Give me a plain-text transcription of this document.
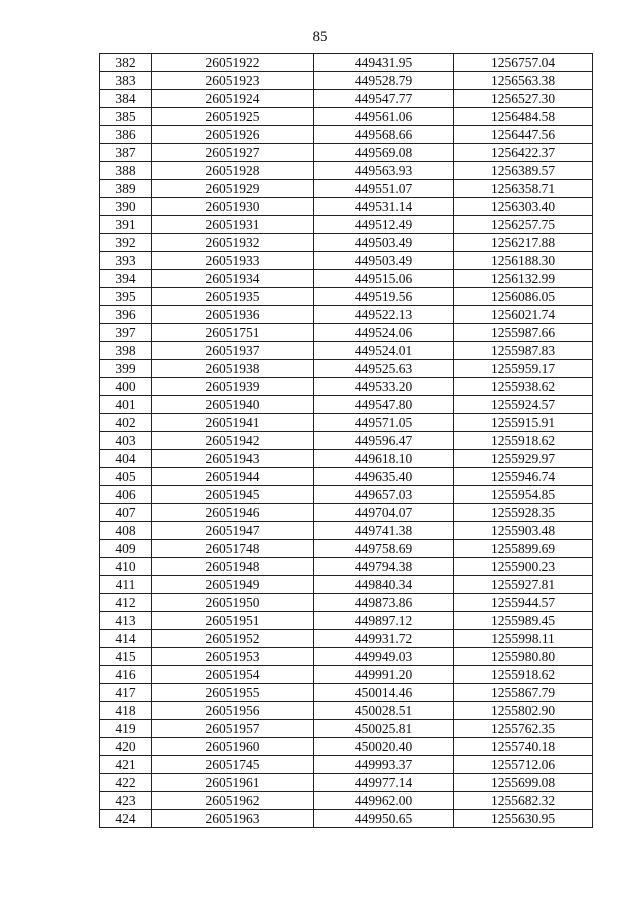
85
382	26051922	449431.95	1256757.04
383	26051923	449528.79	1256563.38
384	26051924	449547.77	1256527.30
385	26051925	449561.06	1256484.58
386	26051926	449568.66	1256447.56
387	26051927	449569.08	1256422.37
388	26051928	449563.93	1256389.57
389	26051929	449551.07	1256358.71
390	26051930	449531.14	1256303.40
391	26051931	449512.49	1256257.75
392	26051932	449503.49	1256217.88
393	26051933	449503.49	1256188.30
394	26051934	449515.06	1256132.99
395	26051935	449519.56	1256086.05
396	26051936	449522.13	1256021.74
397	26051751	449524.06	1255987.66
398	26051937	449524.01	1255987.83
399	26051938	449525.63	1255959.17
400	26051939	449533.20	1255938.62
401	26051940	449547.80	1255924.57
402	26051941	449571.05	1255915.91
403	26051942	449596.47	1255918.62
404	26051943	449618.10	1255929.97
405	26051944	449635.40	1255946.74
406	26051945	449657.03	1255954.85
407	26051946	449704.07	1255928.35
408	26051947	449741.38	1255903.48
409	26051748	449758.69	1255899.69
410	26051948	449794.38	1255900.23
411	26051949	449840.34	1255927.81
412	26051950	449873.86	1255944.57
413	26051951	449897.12	1255989.45
414	26051952	449931.72	1255998.11
415	26051953	449949.03	1255980.80
416	26051954	449991.20	1255918.62
417	26051955	450014.46	1255867.79
418	26051956	450028.51	1255802.90
419	26051957	450025.81	1255762.35
420	26051960	450020.40	1255740.18
421	26051745	449993.37	1255712.06
422	26051961	449977.14	1255699.08
423	26051962	449962.00	1255682.32
424	26051963	449950.65	1255630.95
